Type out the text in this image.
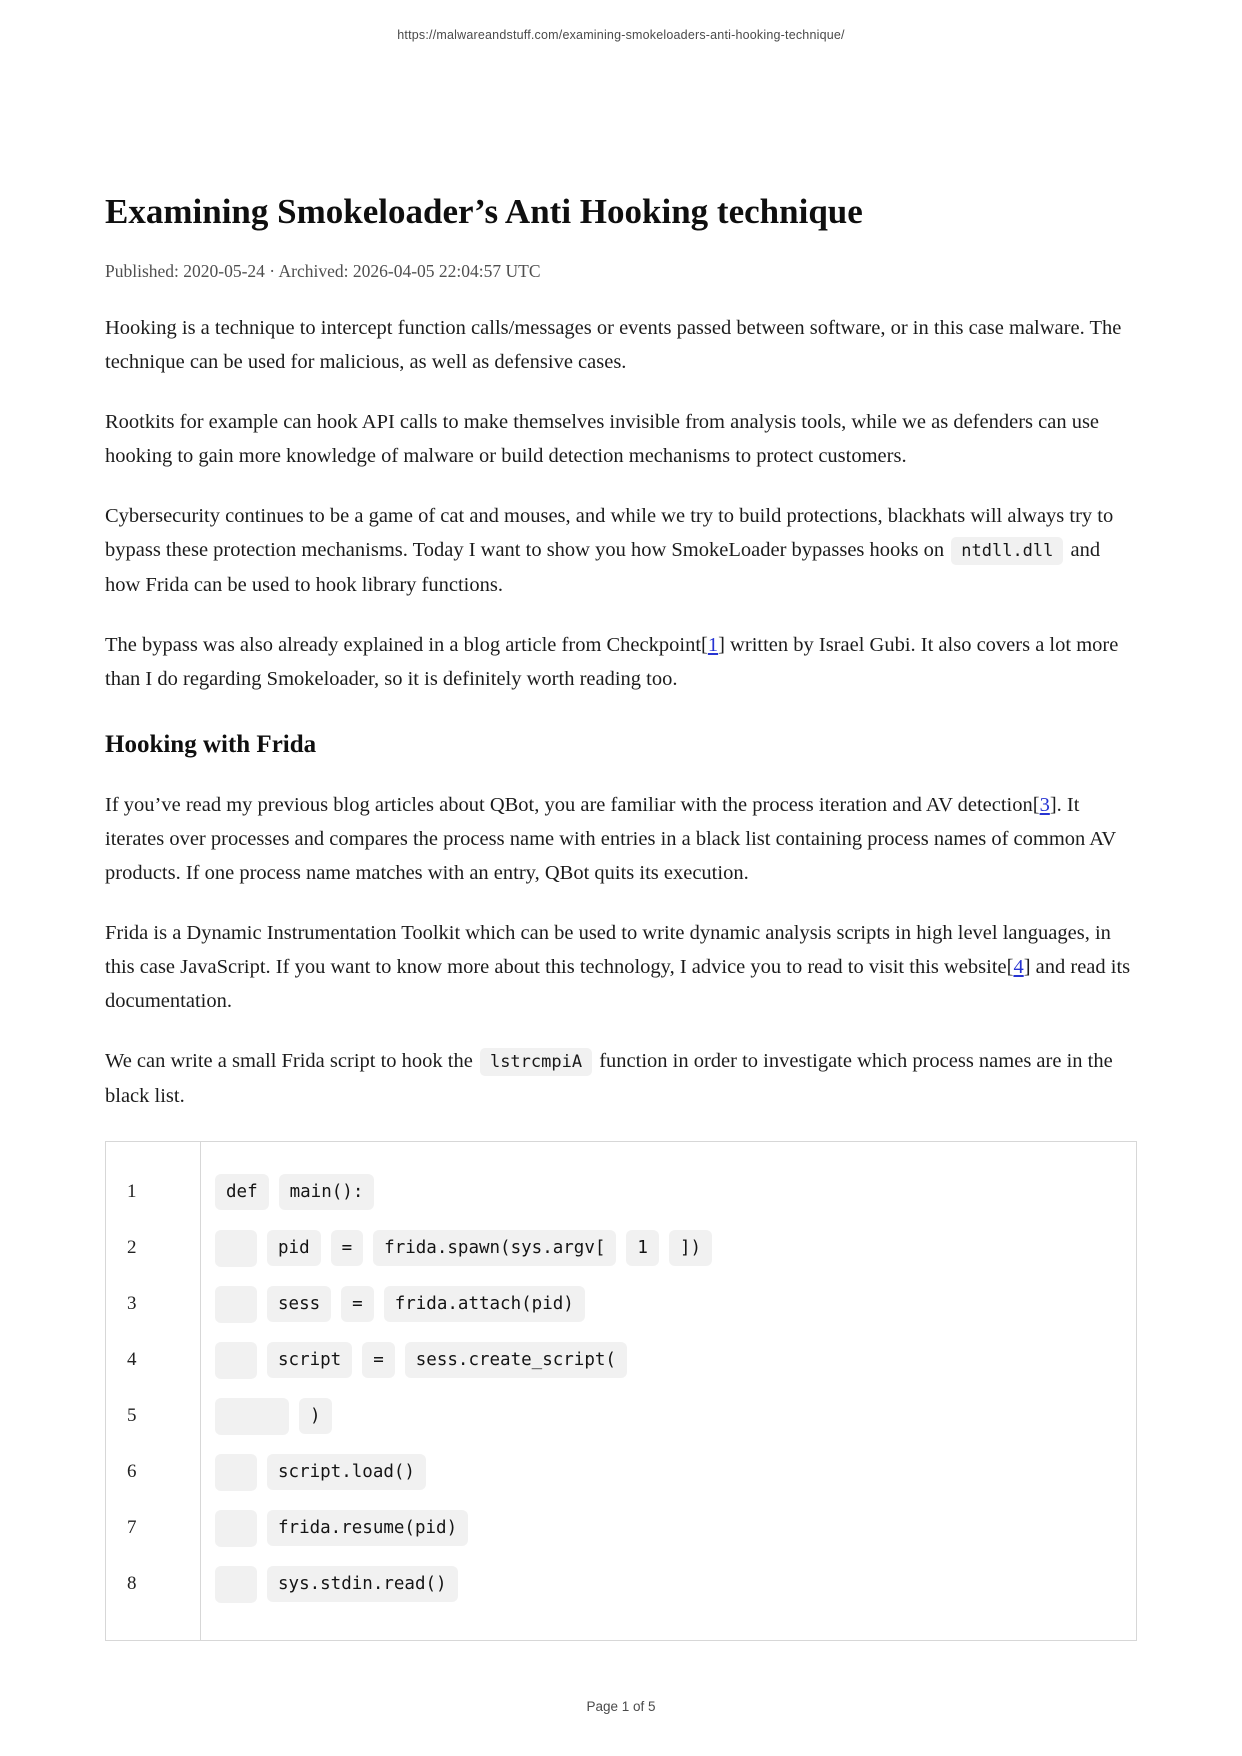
https://malwareandstuff.com/examining-smokeloaders-anti-hooking-technique/
Examining Smokeloader’s Anti Hooking technique
Published: 2020-05-24 · Archived: 2026-04-05 22:04:57 UTC

Hooking is a technique to intercept function calls/messages or events passed between software, or in this case malware. The technique can be used for malicious, as well as defensive cases.

Rootkits for example can hook API calls to make themselves invisible from analysis tools, while we as defenders can use hooking to gain more knowledge of malware or build detection mechanisms to protect customers.

Cybersecurity continues to be a game of cat and mouses, and while we try to build protections, blackhats will always try to bypass these protection mechanisms. Today I want to show you how SmokeLoader bypasses hooks on ntdll.dll and how Frida can be used to hook library functions.

The bypass was also already explained in a blog article from Checkpoint[1] written by Israel Gubi. It also covers a lot more than I do regarding Smokeloader, so it is definitely worth reading too.

Hooking with Frida

If you’ve read my previous blog articles about QBot, you are familiar with the process iteration and AV detection[3]. It iterates over processes and compares the process name with entries in a black list containing process names of common AV products. If one process name matches with an entry, QBot quits its execution.

Frida is a Dynamic Instrumentation Toolkit which can be used to write dynamic analysis scripts in high level languages, in this case JavaScript. If you want to know more about this technology, I advice you to read to visit this website[4] and read its documentation.

We can write a small Frida script to hook the lstrcmpiA function in order to investigate which process names are in the black list.

1
2
3
4
5
6
7
8
def	main():
pid	=	frida.spawn(sys.argv[	1	])
sess	=	frida.attach(pid)
script	=	sess.create_script(
)
script.load()
frida.resume(pid)
sys.stdin.read()
Page 1 of 5
